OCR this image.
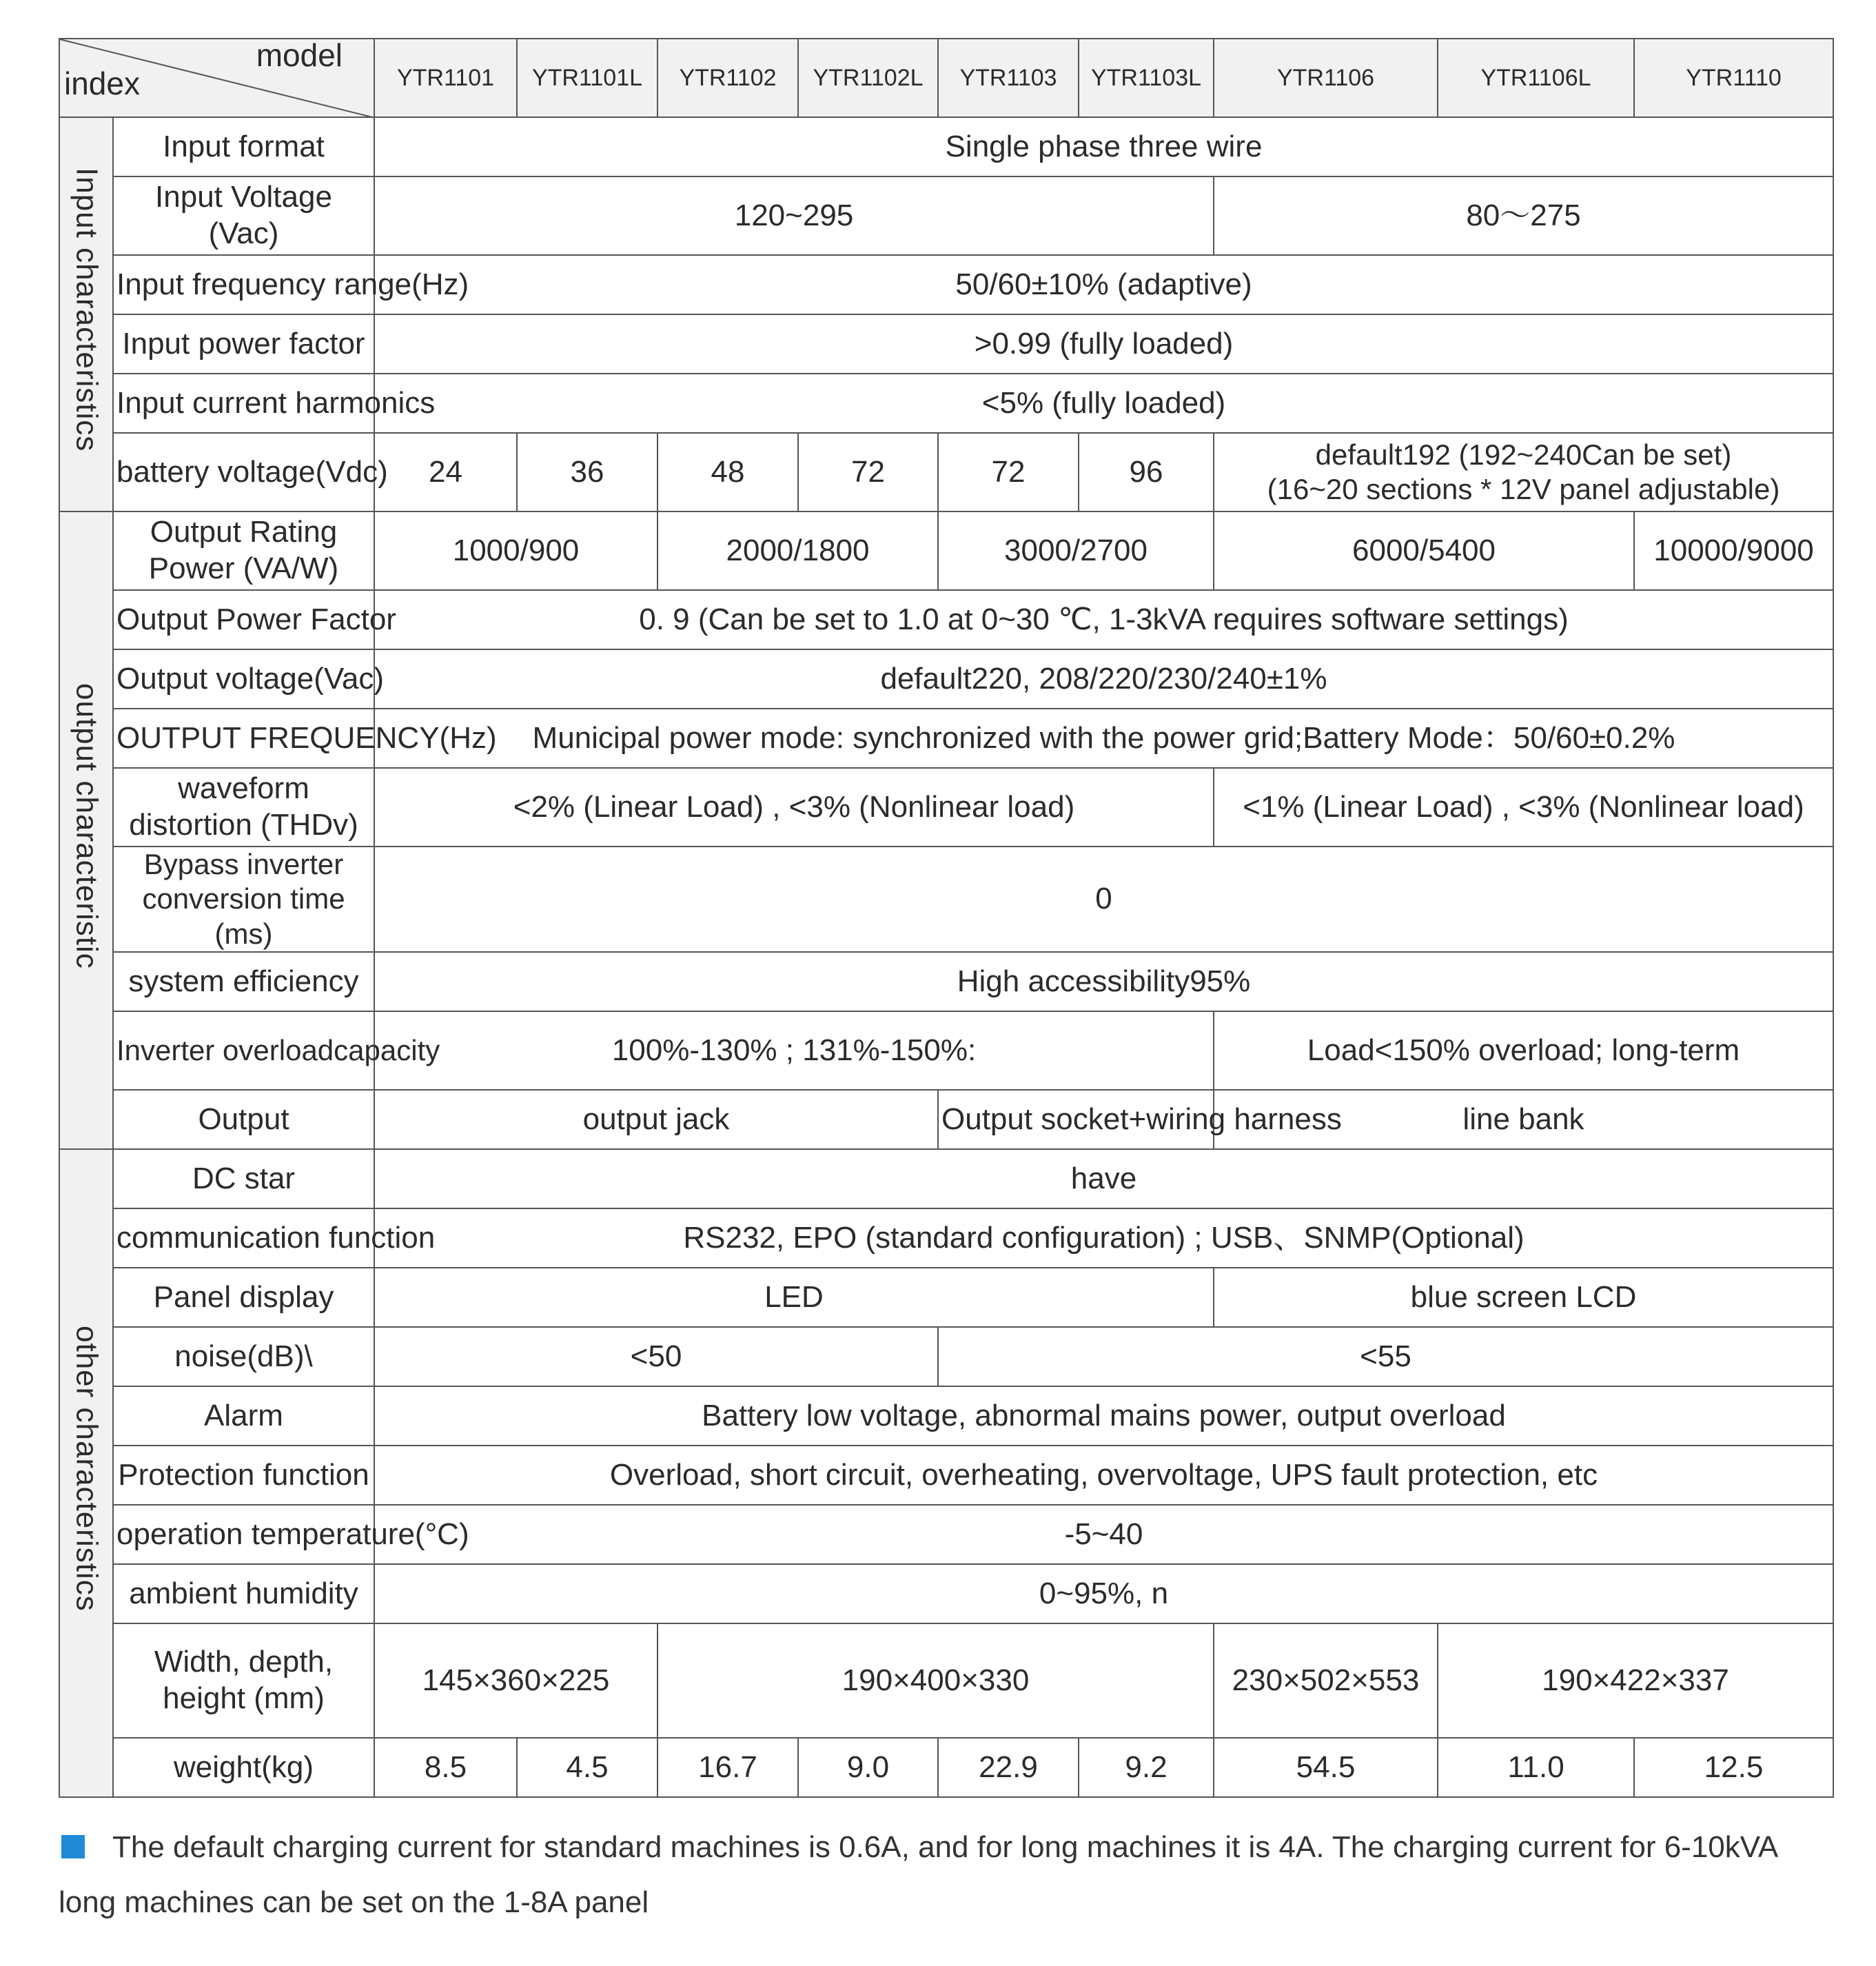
model
index		YTR1101	YTR1101L	YTR1102	YTR1102L	YTR1103	YTR1103L	YTR1106	YTR1106L	YTR1110
Input characteristics	Input format	Single phase three wire								
	Input Voltage (Vac)	120~295						80～275		
	Input frequency range(Hz)	50/60±10% (adaptive)								
	Input power factor	>0.99 (fully loaded)								
	Input current harmonics	<5% (fully loaded)								
	battery voltage(Vdc)	24	36	48	72	72	96	default192 (192~240Can be set)
(16~20 sections * 12V panel adjustable)		

output characteristic	Output Rating Power (VA/W)	1000/900		2000/1800		3000/2700		6000/5400		10000/9000
	Output Power Factor	0. 9 (Can be set to 1.0 at 0~30 ℃, 1-3kVA requires software settings)								
	Output voltage(Vac)	default220, 208/220/230/240±1%								
	OUTPUT FREQUENCY(Hz)	Municipal power mode: synchronized with the power grid;Battery Mode：50/60±0.2%								
	waveform distortion (THDv)	<2% (Linear Load) , <3% (Nonlinear load)						<1% (Linear Load) , <3% (Nonlinear load)		
	Bypass inverter conversion time (ms)	0								
	system efficiency	High accessibility95%								
	Inverter overloadcapacity	100%-130% ; 131%-150%:						Load<150% overload; long-term		
	Output	output jack				Output socket+wiring harness		line bank		
other characteristics	DC star	have								
	communication function	RS232, EPO (standard configuration) ; USB、SNMP(Optional)								
	Panel display	LED						blue screen LCD		
	noise(dB)\	<50				<55				
	Alarm	Battery low voltage, abnormal mains power, output overload								
	Protection function	Overload, short circuit, overheating, overvoltage, UPS fault protection, etc								
	operation temperature(°C)	-5~40								
	ambient humidity	0~95%, n								
	Width, depth, height (mm)	145×360×225		190×400×330				230×502×553	190×422×337	
	weight(kg)	8.5	4.5	16.7	9.0	22.9	9.2	54.5	11.0	12.5
The default charging current for standard machines is 0.6A, and for long machines it is 4A. The charging current for 6-10kVA long machines can be set on the 1-8A panel
